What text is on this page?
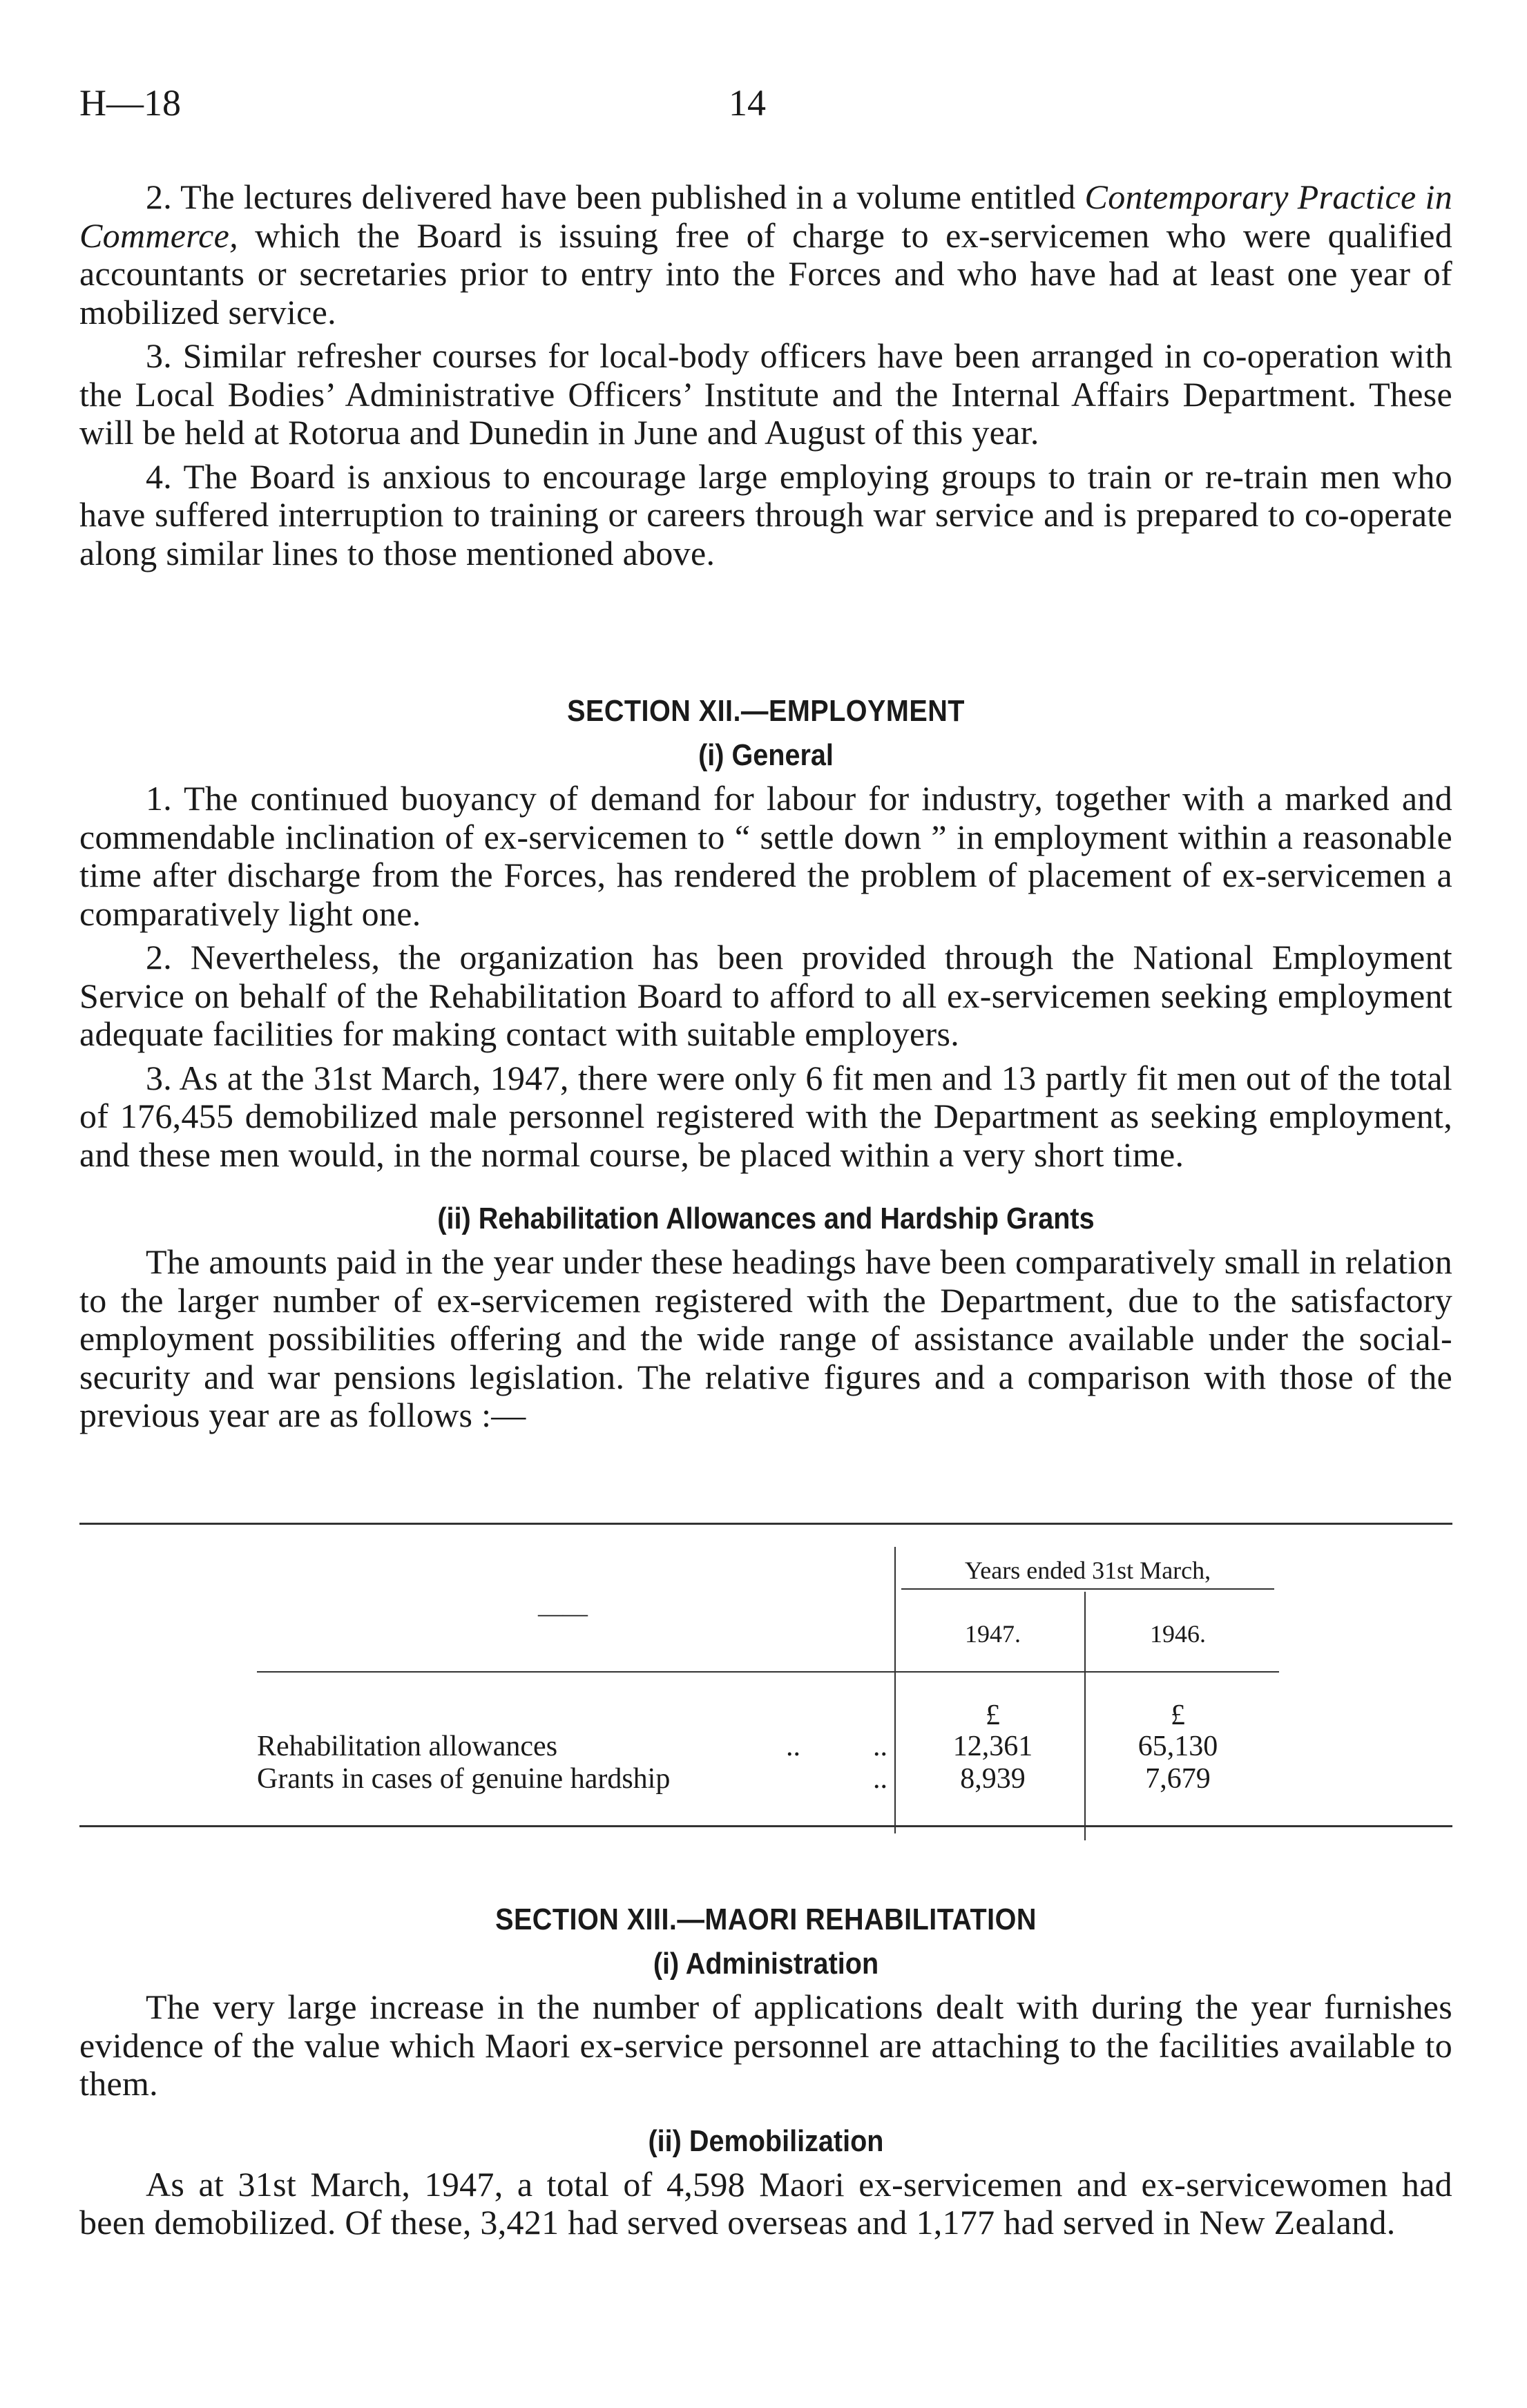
H—18	14

2. The lectures delivered have been published in a volume entitled Contemporary Practice in Commerce, which the Board is issuing free of charge to ex-servicemen who were qualified accountants or secretaries prior to entry into the Forces and who have had at least one year of mobilized service.

3. Similar refresher courses for local-body officers have been arranged in co-operation with the Local Bodies’ Administrative Officers’ Institute and the Internal Affairs Department. These will be held at Rotorua and Dunedin in June and August of this year.

4. The Board is anxious to encourage large employing groups to train or re-train men who have suffered interruption to training or careers through war service and is prepared to co-operate along similar lines to those mentioned above.

SECTION XII.—EMPLOYMENT
(i) General

1. The continued buoyancy of demand for labour for industry, together with a marked and commendable inclination of ex-servicemen to “ settle down ” in employment within a reasonable time after discharge from the Forces, has rendered the problem of placement of ex-servicemen a comparatively light one.

2. Nevertheless, the organization has been provided through the National Employment Service on behalf of the Rehabilitation Board to afford to all ex-servicemen seeking employment adequate facilities for making contact with suitable employers.

3. As at the 31st March, 1947, there were only 6 fit men and 13 partly fit men out of the total of 176,455 demobilized male personnel registered with the Department as seeking employment, and these men would, in the normal course, be placed within a very short time.

(ii) Rehabilitation Allowances and Hardship Grants

The amounts paid in the year under these headings have been comparatively small in relation to the larger number of ex-servicemen registered with the Department, due to the satisfactory employment possibilities offering and the wide range of assistance available under the social-security and war pensions legislation. The relative figures and a comparison with those of the previous year are as follows :—

Years ended 31st March,
——
1947.	1946.
£	£
Rehabilitation allowances	..          ..	12,361	65,130
Grants in cases of genuine hardship	..	8,939	7,679
SECTION XIII.—MAORI REHABILITATION
(i) Administration

The very large increase in the number of applications dealt with during the year furnishes evidence of the value which Maori ex-service personnel are attaching to the facilities available to them.

(ii) Demobilization

As at 31st March, 1947, a total of 4,598 Maori ex-servicemen and ex-servicewomen had been demobilized. Of these, 3,421 had served overseas and 1,177 had served in New Zealand.
